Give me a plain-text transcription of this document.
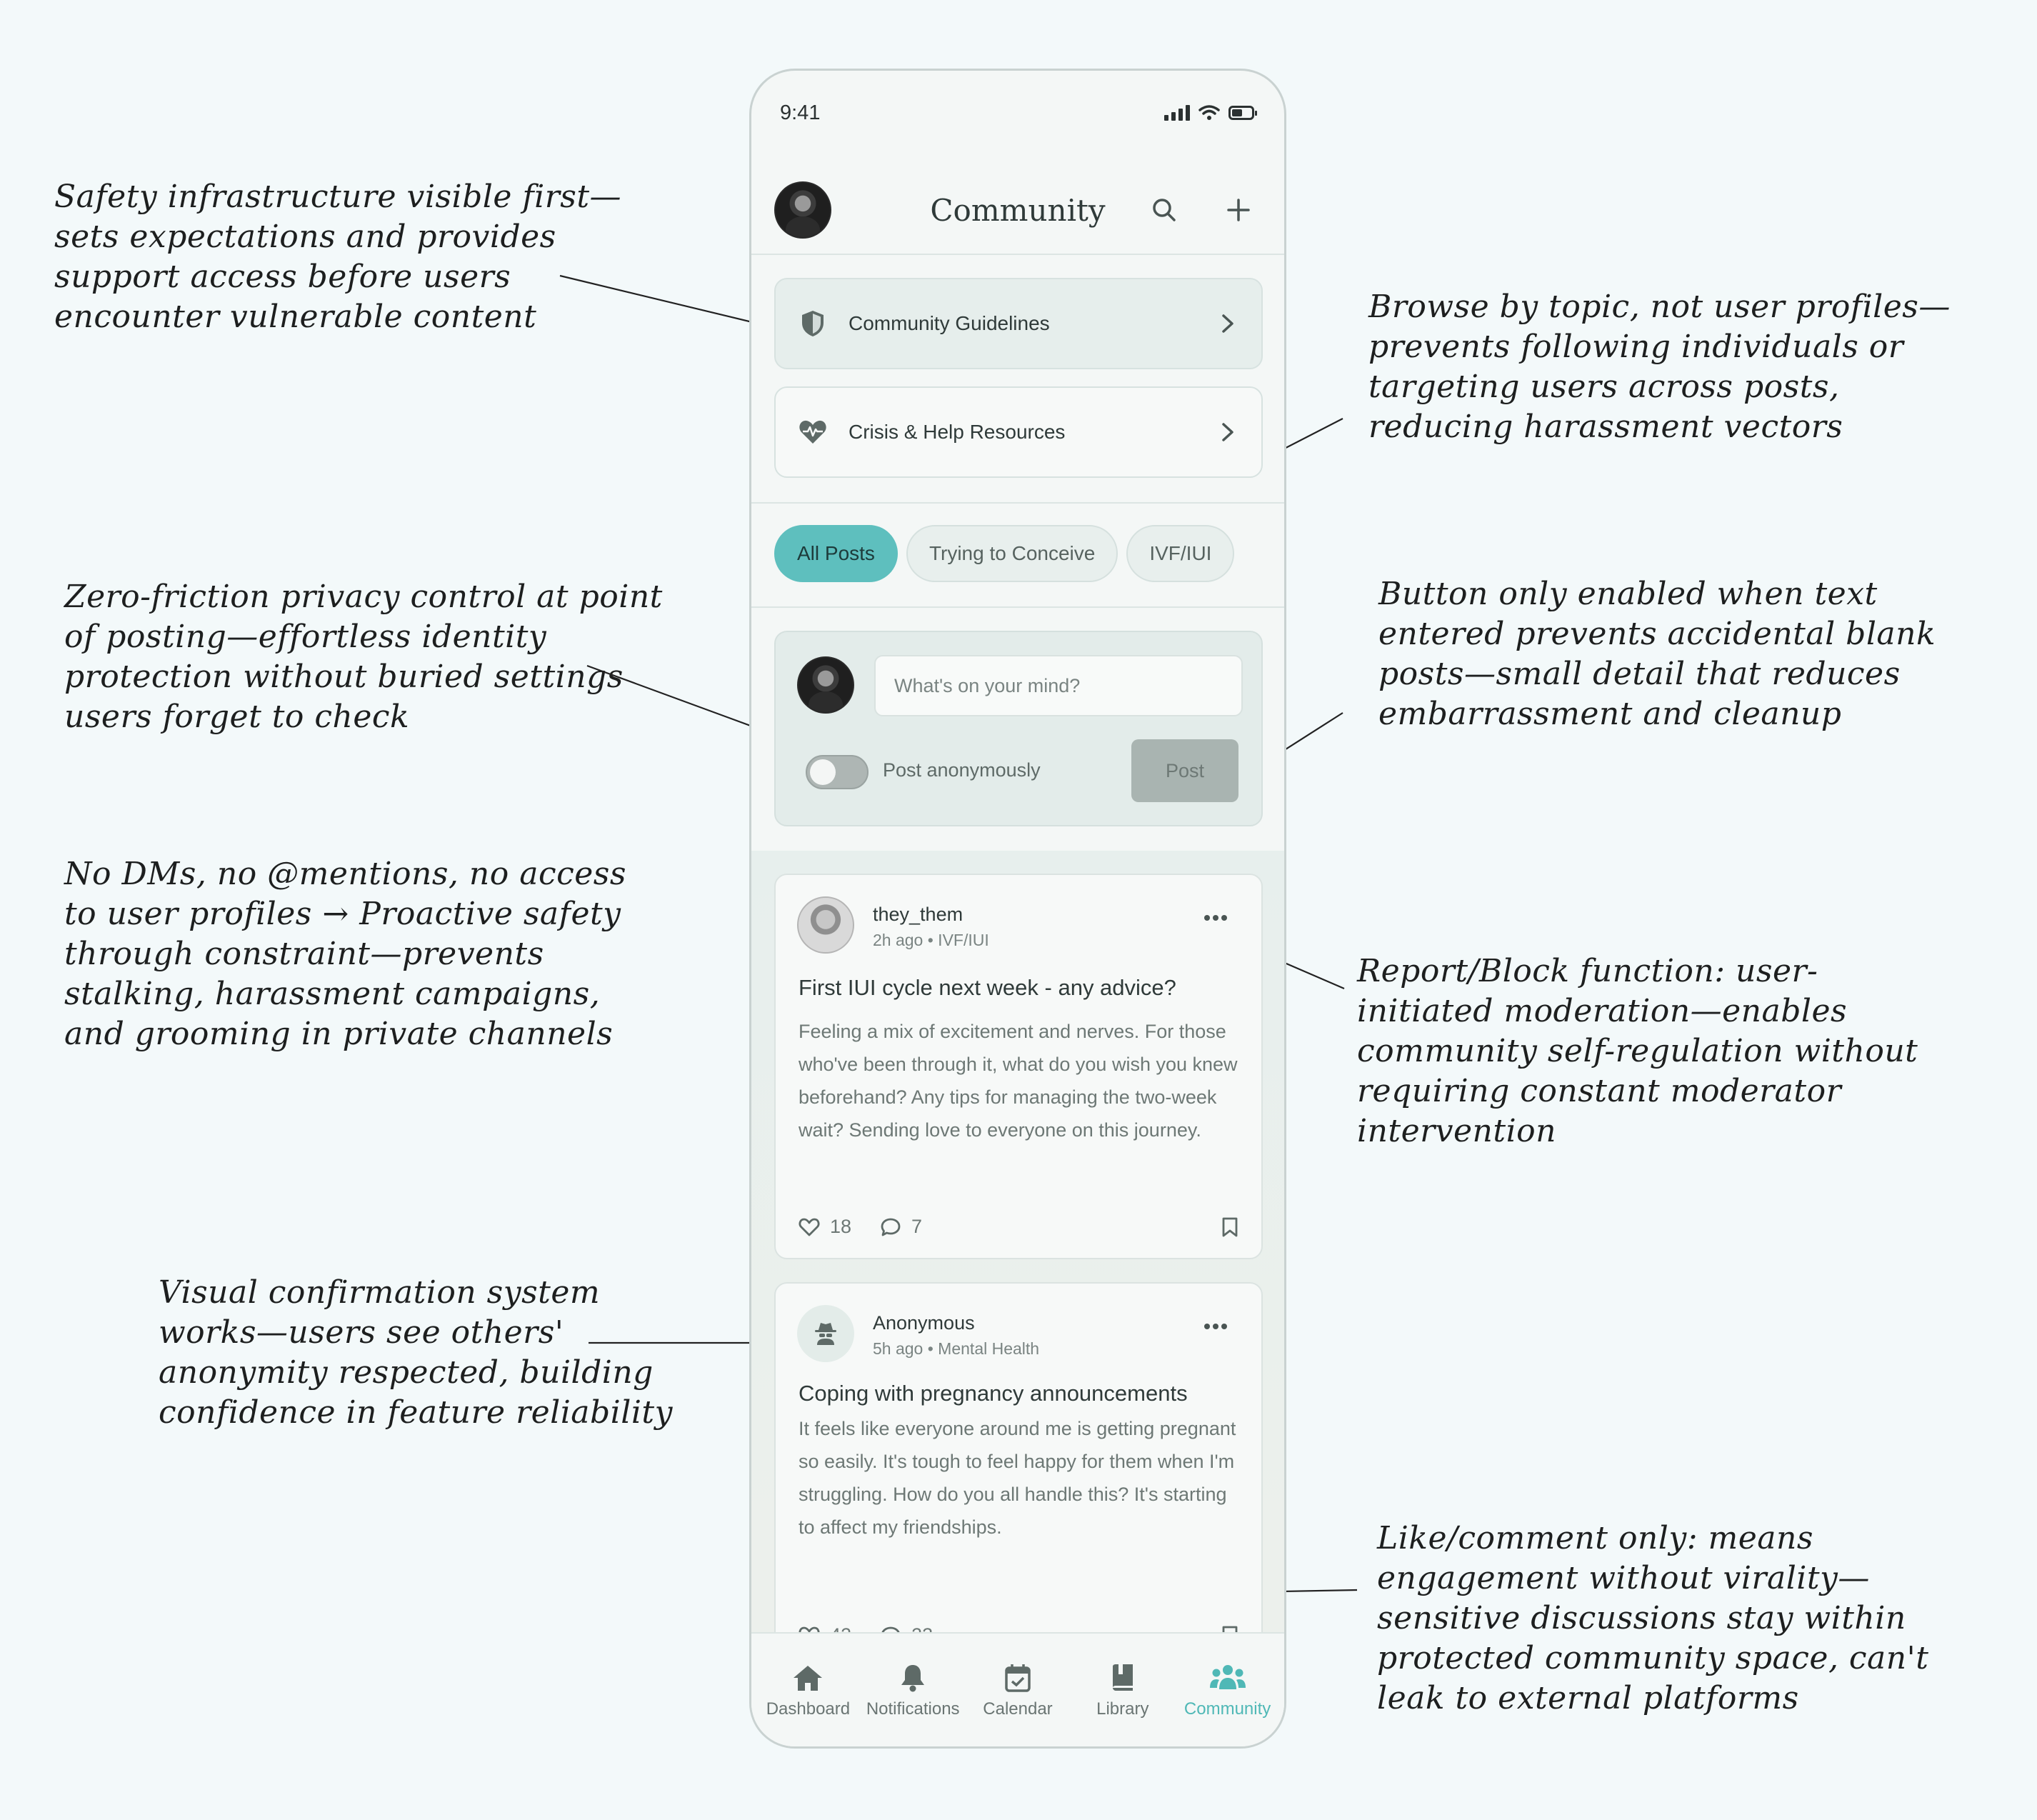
Safety infrastructure visible first—
sets expectations and provides
support access before users
encounter vulnerable content	Browse by topic, not user profiles—
prevents following individuals or
targeting users across posts,
reducing harassment vectors
Zero-friction privacy control at point
of posting—effortless identity
protection without buried settings
users forget to check
Button only enabled when text
entered prevents accidental blank
posts—small detail that reduces
embarrassment and cleanup
No DMs, no @mentions, no access
to user profiles → Proactive safety
through constraint—prevents
stalking, harassment campaigns,
and grooming in private channels
Report/Block function: user-
initiated moderation—enables
community self-regulation without
requiring constant moderator
intervention
Visual confirmation system
works—users see others'
anonymity respected, building
confidence in feature reliability
Like/comment only: means
engagement without virality—
sensitive discussions stay within
protected community space, can't
leak to external platforms
9:41
Community
Community Guidelines
Crisis & Help Resources
All Posts	Trying to Conceive	IVF/IUI
What's on your mind?
Post anonymously	Post
they_them
2h ago • IVF/IUI
First IUI cycle next week - any advice?
Feeling a mix of excitement and nerves. For those who've been through it, what do you wish you knew beforehand? Any tips for managing the two-week wait? Sending love to everyone on this journey.
18	7
Anonymous
5h ago • Mental Health
Coping with pregnancy announcements
It feels like everyone around me is getting pregnant so easily. It's tough to feel happy for them when I'm struggling. How do you all handle this? It's starting to affect my friendships.
Dashboard Notifications Calendar	Library Community
